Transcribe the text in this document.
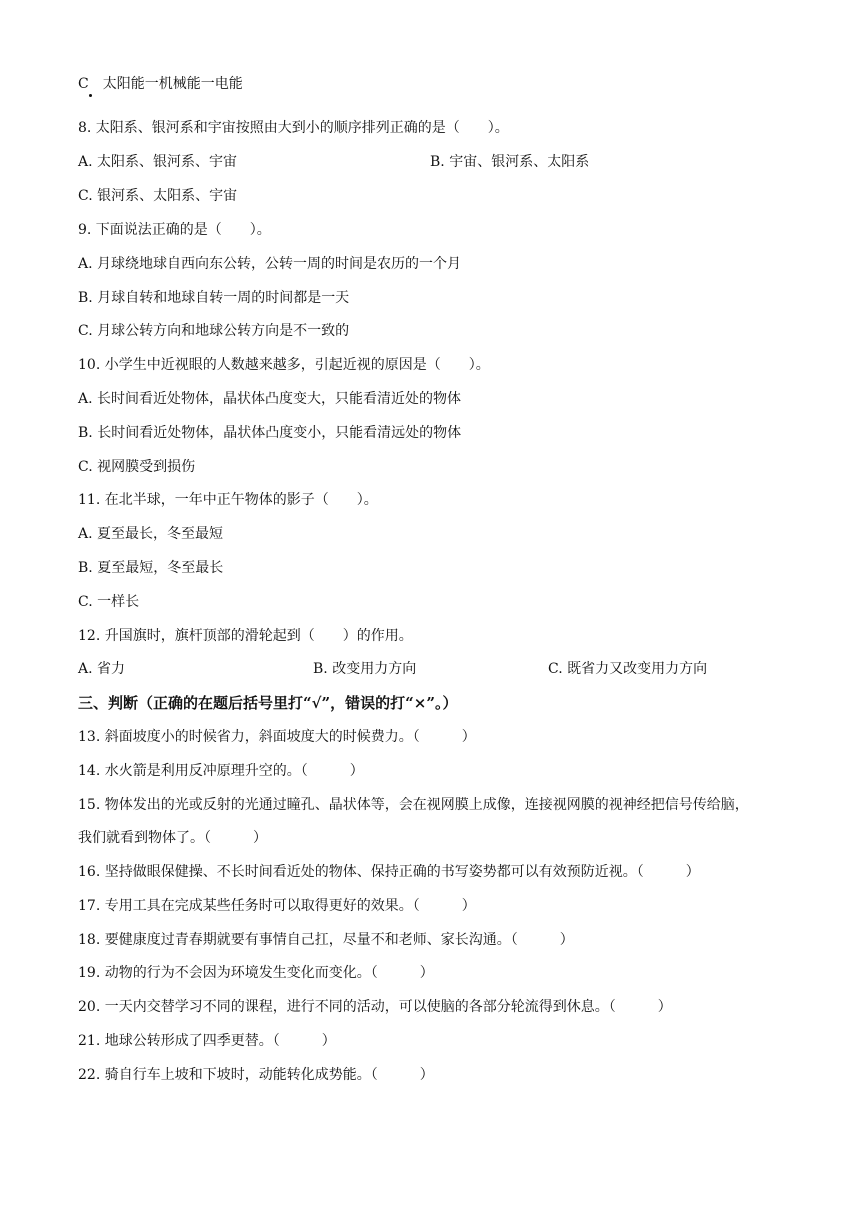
C　太阳能一机械能一电能
8. 太阳系、银河系和宇宙按照由大到小的顺序排列正确的是（　　）。
A. 太阳系、银河系、宇宙	B. 宇宙、银河系、太阳系
C. 银河系、太阳系、宇宙
9. 下面说法正确的是（　　）。
A. 月球绕地球自西向东公转，公转一周的时间是农历的一个月
B. 月球自转和地球自转一周的时间都是一天
C. 月球公转方向和地球公转方向是不一致的
10. 小学生中近视眼的人数越来越多，引起近视的原因是（　　）。
A. 长时间看近处物体，晶状体凸度变大，只能看清近处的物体
B. 长时间看近处物体，晶状体凸度变小，只能看清远处的物体
C. 视网膜受到损伤
11. 在北半球，一年中正午物体的影子（　　）。
A. 夏至最长，冬至最短
B. 夏至最短，冬至最长
C. 一样长
12. 升国旗时，旗杆顶部的滑轮起到（　　）的作用。
A. 省力	B. 改变用力方向	C. 既省力又改变用力方向
三、判断（正确的在题后括号里打“√”，错误的打“×”。）
13. 斜面坡度小的时候省力，斜面坡度大的时候费力。（　　　）
14. 水火箭是利用反冲原理升空的。（　　　）
15. 物体发出的光或反射的光通过瞳孔、晶状体等，会在视网膜上成像，连接视网膜的视神经把信号传给脑，
我们就看到物体了。（　　　）
16. 坚持做眼保健操、不长时间看近处的物体、保持正确的书写姿势都可以有效预防近视。（　　　）
17. 专用工具在完成某些任务时可以取得更好的效果。（　　　）
18. 要健康度过青春期就要有事情自己扛，尽量不和老师、家长沟通。（　　　）
19. 动物的行为不会因为环境发生变化而变化。（　　　）
20. 一天内交替学习不同的课程，进行不同的活动，可以使脑的各部分轮流得到休息。（　　　）
21. 地球公转形成了四季更替。（　　　）
22. 骑自行车上坡和下坡时，动能转化成势能。（　　　）
